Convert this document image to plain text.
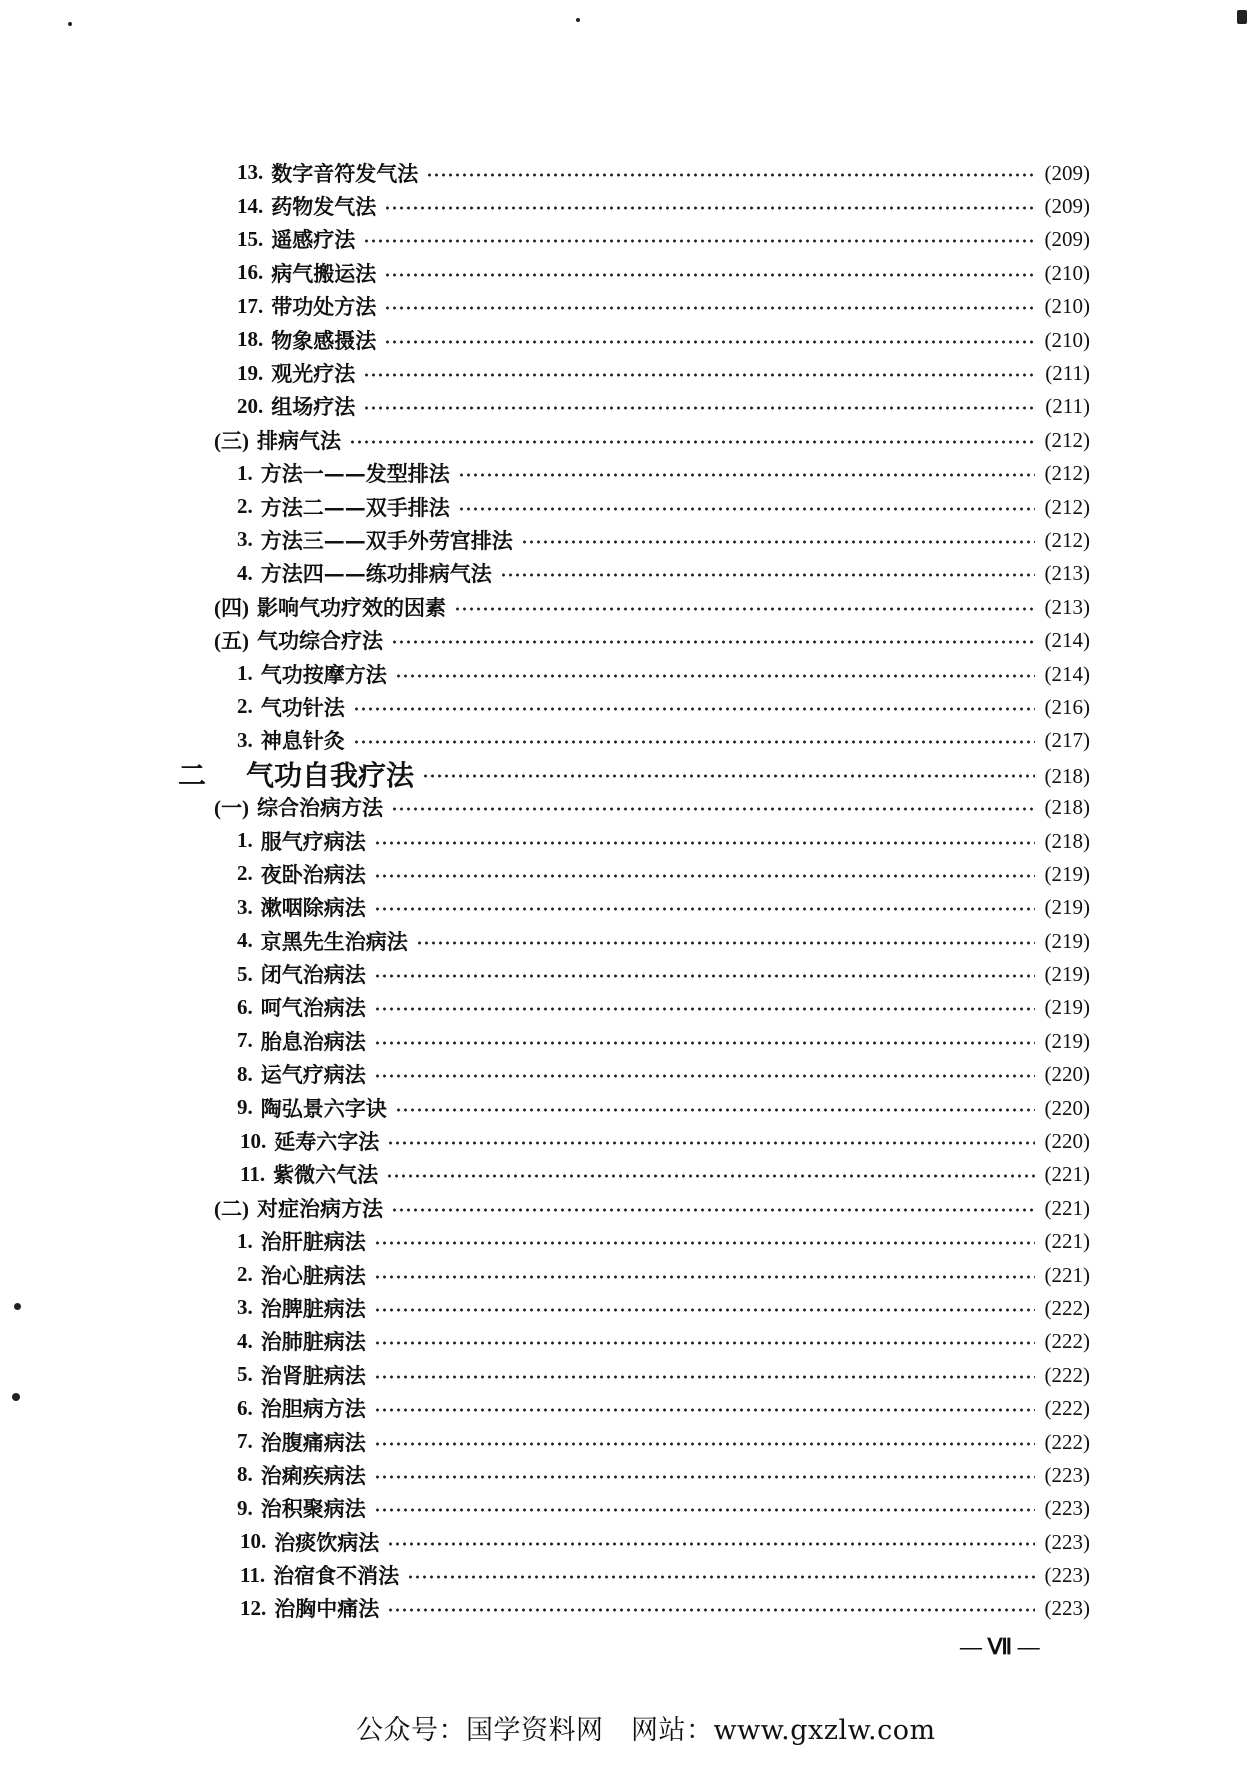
13. 数字音符发气法	(209)
14. 药物发气法	(209)
15. 遥感疗法	(209)
16. 病气搬运法	(210)
17. 带功处方法	(210)
18. 物象感摄法	(210)
19. 观光疗法	(211)
20. 组场疗法	(211)
(三) 排病气法	(212)
1. 方法一——发型排法	(212)
2. 方法二——双手排法	(212)
3. 方法三——双手外劳宫排法	(212)
4. 方法四——练功排病气法	(213)
(四) 影响气功疗效的因素	(213)
(五) 气功综合疗法	(214)
1. 气功按摩方法	(214)
2. 气功针法	(216)
3. 神息针灸	(217)
二 气功自我疗法	(218)
(一) 综合治病方法	(218)
1. 服气疗病法	(218)
2. 夜卧治病法	(219)
3. 漱咽除病法	(219)
4. 京黑先生治病法	(219)
5. 闭气治病法	(219)
6. 呵气治病法	(219)
7. 胎息治病法	(219)
8. 运气疗病法	(220)
9. 陶弘景六字诀	(220)
10. 延寿六字法	(220)
11. 紫微六气法	(221)
(二) 对症治病方法	(221)
1. 治肝脏病法	(221)
2. 治心脏病法	(221)
3. 治脾脏病法	(222)
4. 治肺脏病法	(222)
5. 治肾脏病法	(222)
6. 治胆病方法	(222)
7. 治腹痛病法	(222)
8. 治痢疾病法	(223)
9. 治积聚病法	(223)
10. 治痰饮病法	(223)
11. 治宿食不消法	(223)
12. 治胸中痛法	(223)
— Ⅶ —
公众号：国学资料网　网站：www.gxzlw.com
